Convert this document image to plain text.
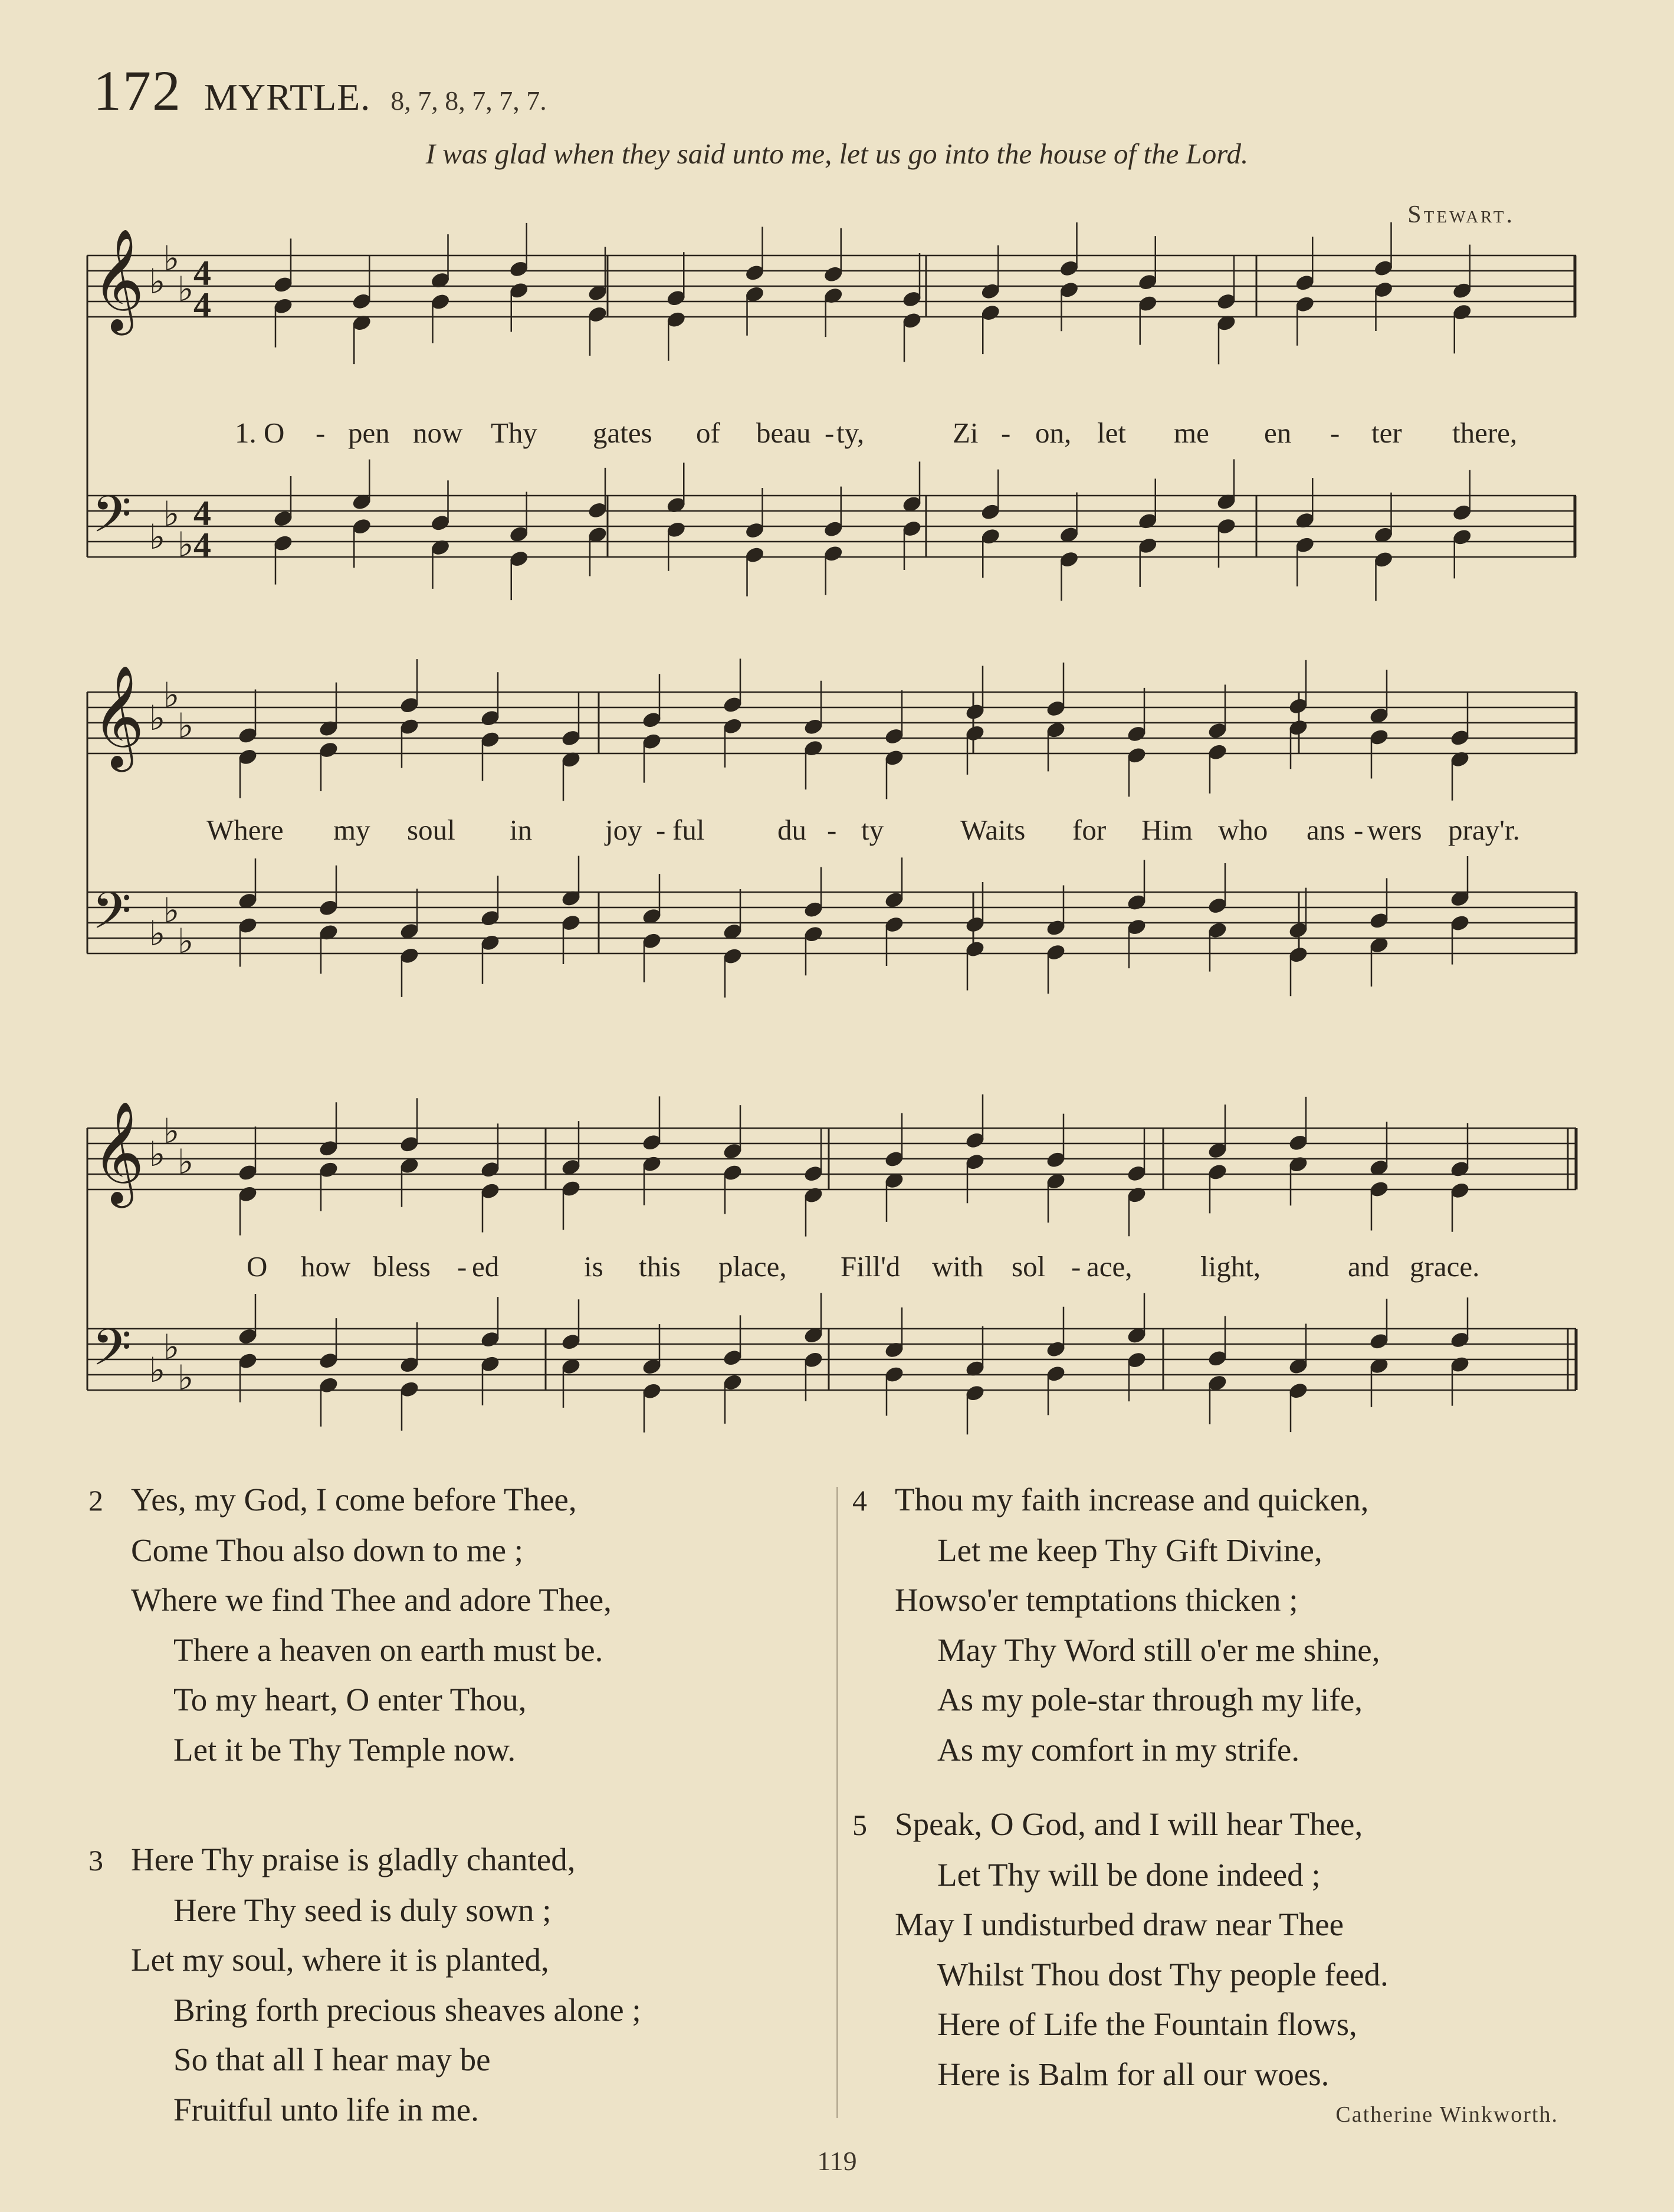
172 MYRTLE. 8, 7, 8, 7, 7, 7.
I was glad when they said unto me, let us go into the house of the Lord.
Stewart.
𝄞 ♭
♭
♭ 4
4
𝄢 ♭
♭
♭
4
4
𝄞 ♭
♭
♭
𝄢 ♭
♭
♭
𝄞 ♭
♭
♭
𝄢 ♭
♭
♭
1. O - pen now Thy gates of beau - ty,	Zi - on, let me en - ter there,
Where my soul in	joy - ful	du - ty	Waits for Him who ans - wers pray'r.
O how bless - ed	is this place, Fill'd with sol - ace, light,	and grace.
2 Yes, my God, I come before Thee,
Come Thou also down to me ;
Where we find Thee and adore Thee,
There a heaven on earth must be.
To my heart, O enter Thou,
Let it be Thy Temple now.
3 Here Thy praise is gladly chanted,
Here Thy seed is duly sown ;
Let my soul, where it is planted,
Bring forth precious sheaves alone ;
So that all I hear may be
Fruitful unto life in me.
4 Thou my faith increase and quicken,
Let me keep Thy Gift Divine,
Howso'er temptations thicken ;
May Thy Word still o'er me shine,
As my pole-star through my life,
As my comfort in my strife.
5 Speak, O God, and I will hear Thee,
Let Thy will be done indeed ;
May I undisturbed draw near Thee
Whilst Thou dost Thy people feed.
Here of Life the Fountain flows,
Here is Balm for all our woes.
Catherine Winkworth.
119
